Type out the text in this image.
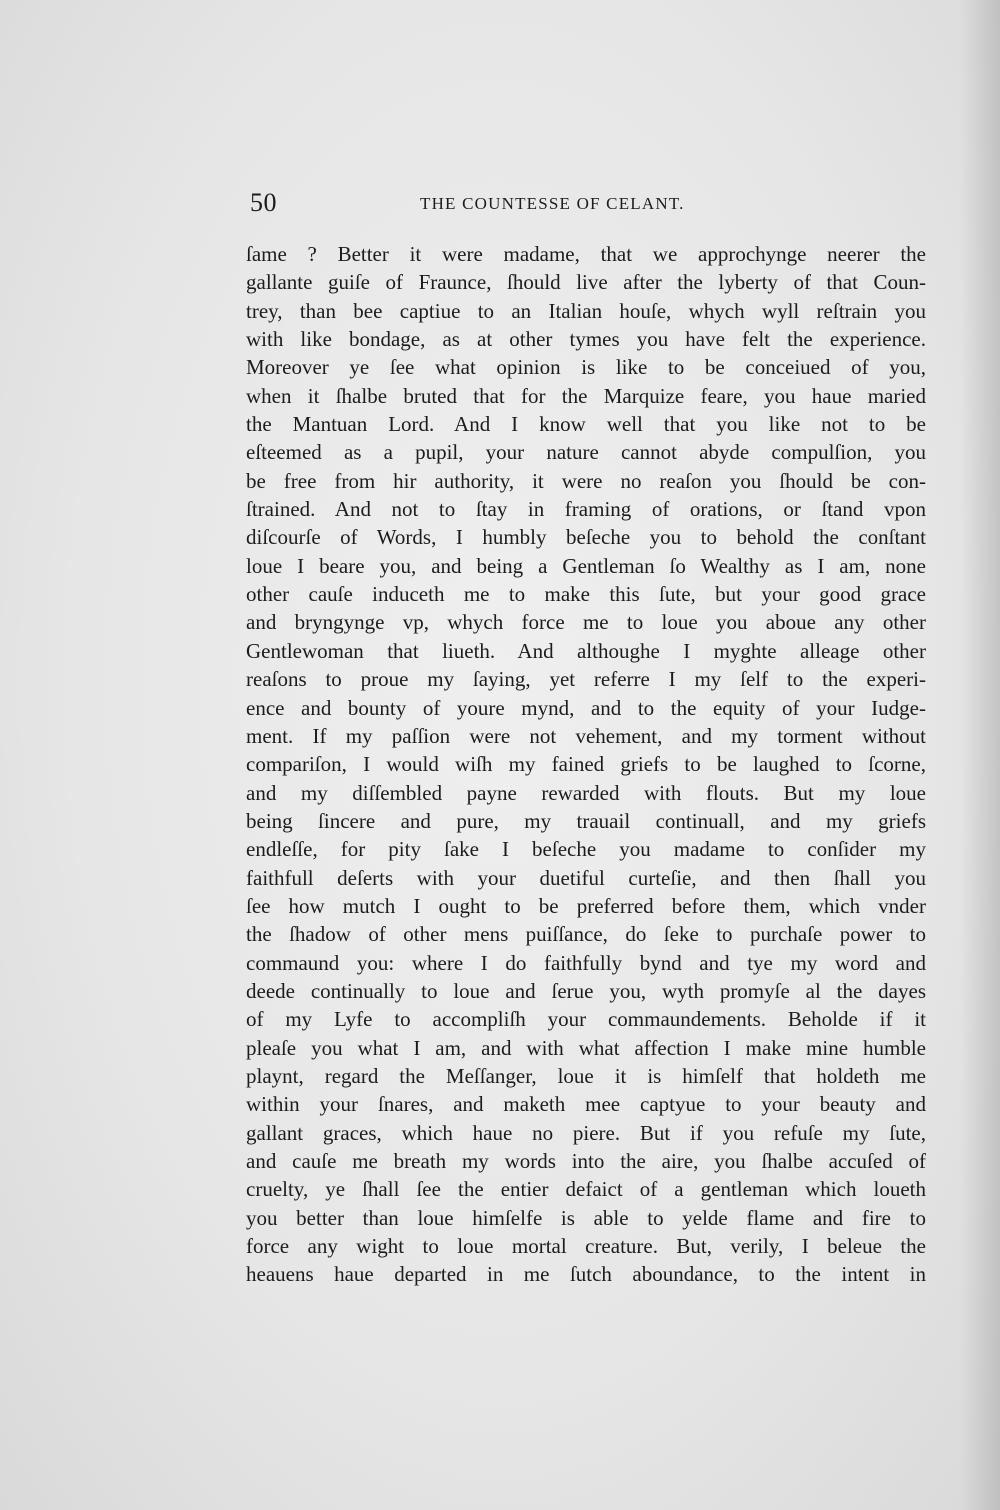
50	THE COUNTESSE OF CELANT.
ſame ? Better it were madame, that we approchynge neerer the
gallante guiſe of Fraunce, ſhould live after the lyberty of that Coun-
trey, than bee captiue to an Italian houſe, whych wyll reſtrain you
with like bondage, as at other tymes you have felt the experience.
Moreover ye ſee what opinion is like to be conceiued of you,
when it ſhalbe bruted that for the Marquize feare, you haue maried
the Mantuan Lord. And I know well that you like not to be
eſteemed as a pupil, your nature cannot abyde compulſion, you
be free from hir authority, it were no reaſon you ſhould be con-
ſtrained. And not to ſtay in framing of orations, or ſtand vpon
diſcourſe of Words, I humbly beſeche you to behold the conſtant
loue I beare you, and being a Gentleman ſo Wealthy as I am, none
other cauſe induceth me to make this ſute, but your good grace
and bryngynge vp, whych force me to loue you aboue any other
Gentlewoman that liueth. And althoughe I myghte alleage other
reaſons to proue my ſaying, yet referre I my ſelf to the experi-
ence and bounty of youre mynd, and to the equity of your Iudge-
ment. If my paſſion were not vehement, and my torment without
compariſon, I would wiſh my fained griefs to be laughed to ſcorne,
and my diſſembled payne rewarded with flouts. But my loue
being ſincere and pure, my trauail continuall, and my griefs
endleſſe, for pity ſake I beſeche you madame to conſider my
faithfull deſerts with your duetiful curteſie, and then ſhall you
ſee how mutch I ought to be preferred before them, which vnder
the ſhadow of other mens puiſſance, do ſeke to purchaſe power to
commaund you: where I do faithfully bynd and tye my word and
deede continually to loue and ſerue you, wyth promyſe al the dayes
of my Lyfe to accompliſh your commaundements. Beholde if it
pleaſe you what I am, and with what affection I make mine humble
playnt, regard the Meſſanger, loue it is himſelf that holdeth me
within your ſnares, and maketh mee captyue to your beauty and
gallant graces, which haue no piere. But if you refuſe my ſute,
and cauſe me breath my words into the aire, you ſhalbe accuſed of
cruelty, ye ſhall ſee the entier defaict of a gentleman which loueth
you better than loue himſelfe is able to yelde flame and fire to
force any wight to loue mortal creature. But, verily, I beleue the
heauens haue departed in me ſutch aboundance, to the intent in
